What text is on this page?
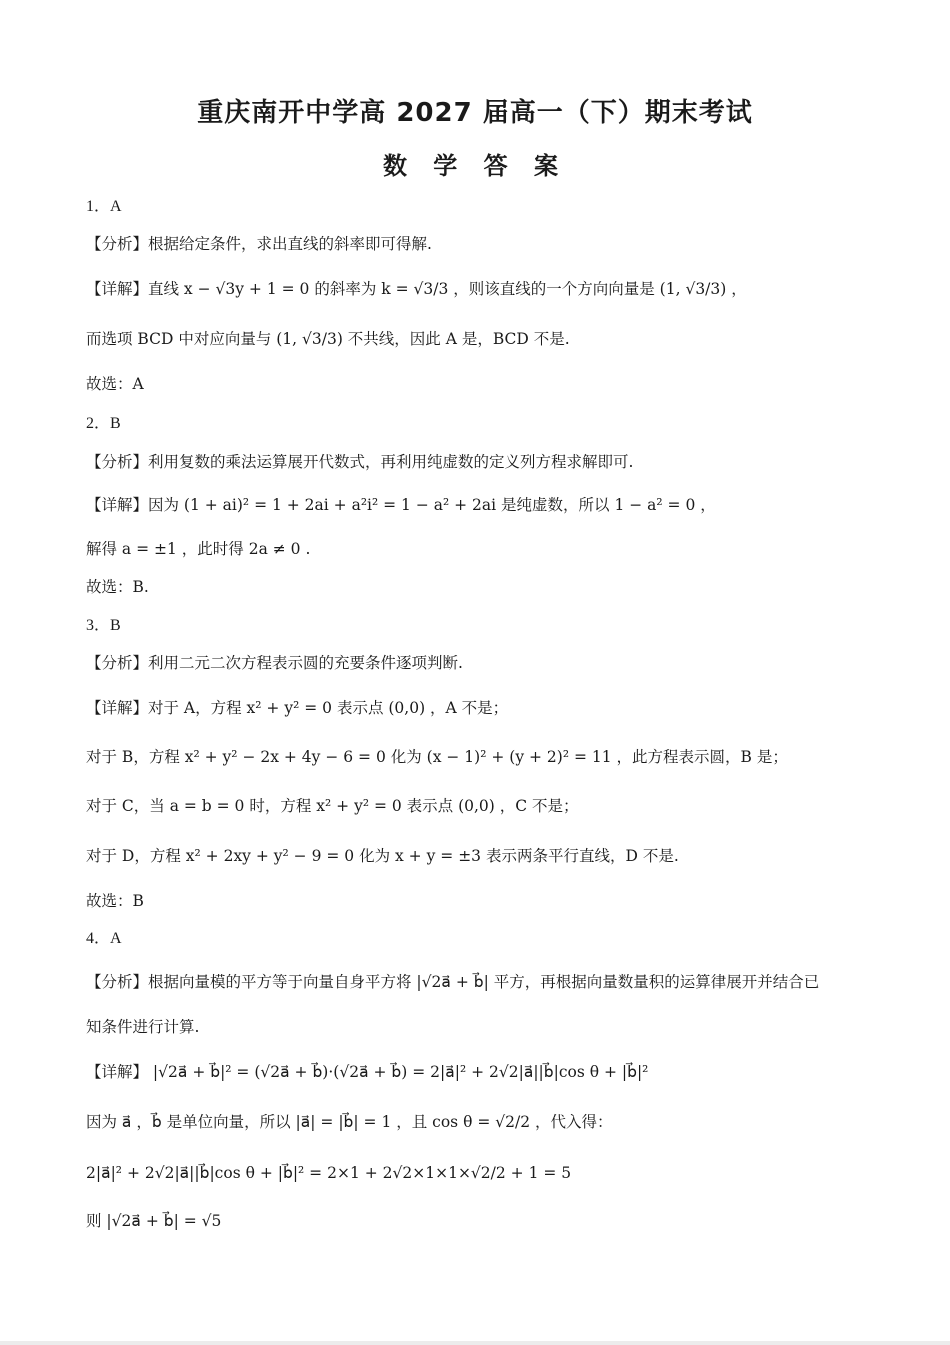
重庆南开中学高 2027 届高一（下）期末考试
数 学 答 案
1．A
【分析】根据给定条件，求出直线的斜率即可得解.
【详解】直线 x − √3y + 1 = 0 的斜率为 k = √3/3 ，则该直线的一个方向向量是 (1, √3/3) ，
而选项 BCD 中对应向量与 (1, √3/3) 不共线，因此 A 是，BCD 不是.
故选：A
2．B
【分析】利用复数的乘法运算展开代数式，再利用纯虚数的定义列方程求解即可.
【详解】因为 (1 + ai)² = 1 + 2ai + a²i² = 1 − a² + 2ai 是纯虚数，所以 1 − a² = 0 ，
解得 a = ±1 ，此时得 2a ≠ 0 .
故选：B.
3．B
【分析】利用二元二次方程表示圆的充要条件逐项判断.
【详解】对于 A，方程 x² + y² = 0 表示点 (0,0) ，A 不是；
对于 B，方程 x² + y² − 2x + 4y − 6 = 0 化为 (x − 1)² + (y + 2)² = 11 ，此方程表示圆，B 是；
对于 C，当 a = b = 0 时，方程 x² + y² = 0 表示点 (0,0) ，C 不是；
对于 D，方程 x² + 2xy + y² − 9 = 0 化为 x + y = ±3 表示两条平行直线，D 不是.
故选：B
4．A
【分析】根据向量模的平方等于向量自身平方将 |√2a⃗ + b⃗| 平方，再根据向量数量积的运算律展开并结合已
知条件进行计算.
【详解】 |√2a⃗ + b⃗|² = (√2a⃗ + b⃗)·(√2a⃗ + b⃗) = 2|a⃗|² + 2√2|a⃗||b⃗|cos θ + |b⃗|²
因为 a⃗ ，b⃗ 是单位向量，所以 |a⃗| = |b⃗| = 1 ，且 cos θ = √2/2 ，代入得：
2|a⃗|² + 2√2|a⃗||b⃗|cos θ + |b⃗|² = 2×1 + 2√2×1×1×√2/2 + 1 = 5
则 |√2a⃗ + b⃗| = √5
